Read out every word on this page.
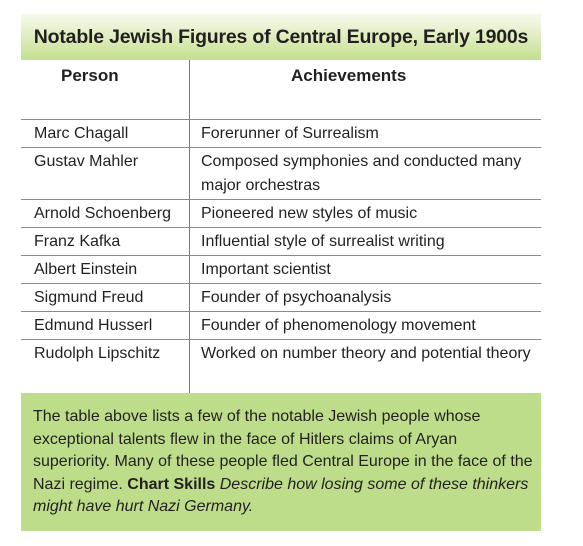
Notable Jewish Figures of Central Europe, Early 1900s
Person	Achievements
Marc Chagall	Forerunner of Surrealism
Gustav Mahler	Composed symphonies and conducted many major orchestras
Arnold Schoenberg	Pioneered new styles of music
Franz Kafka	Influential style of surrealist writing
Albert Einstein	Important scientist
Sigmund Freud	Founder of psychoanalysis
Edmund Husserl	Founder of phenomenology movement
Rudolph Lipschitz	Worked on number theory and potential theory
The table above lists a few of the notable Jewish people whose exceptional talents flew in the face of Hitlers claims of Aryan superiority. Many of these people fled Central Europe in the face of the Nazi regime. Chart Skills Describe how losing some of these thinkers might have hurt Nazi Germany.
